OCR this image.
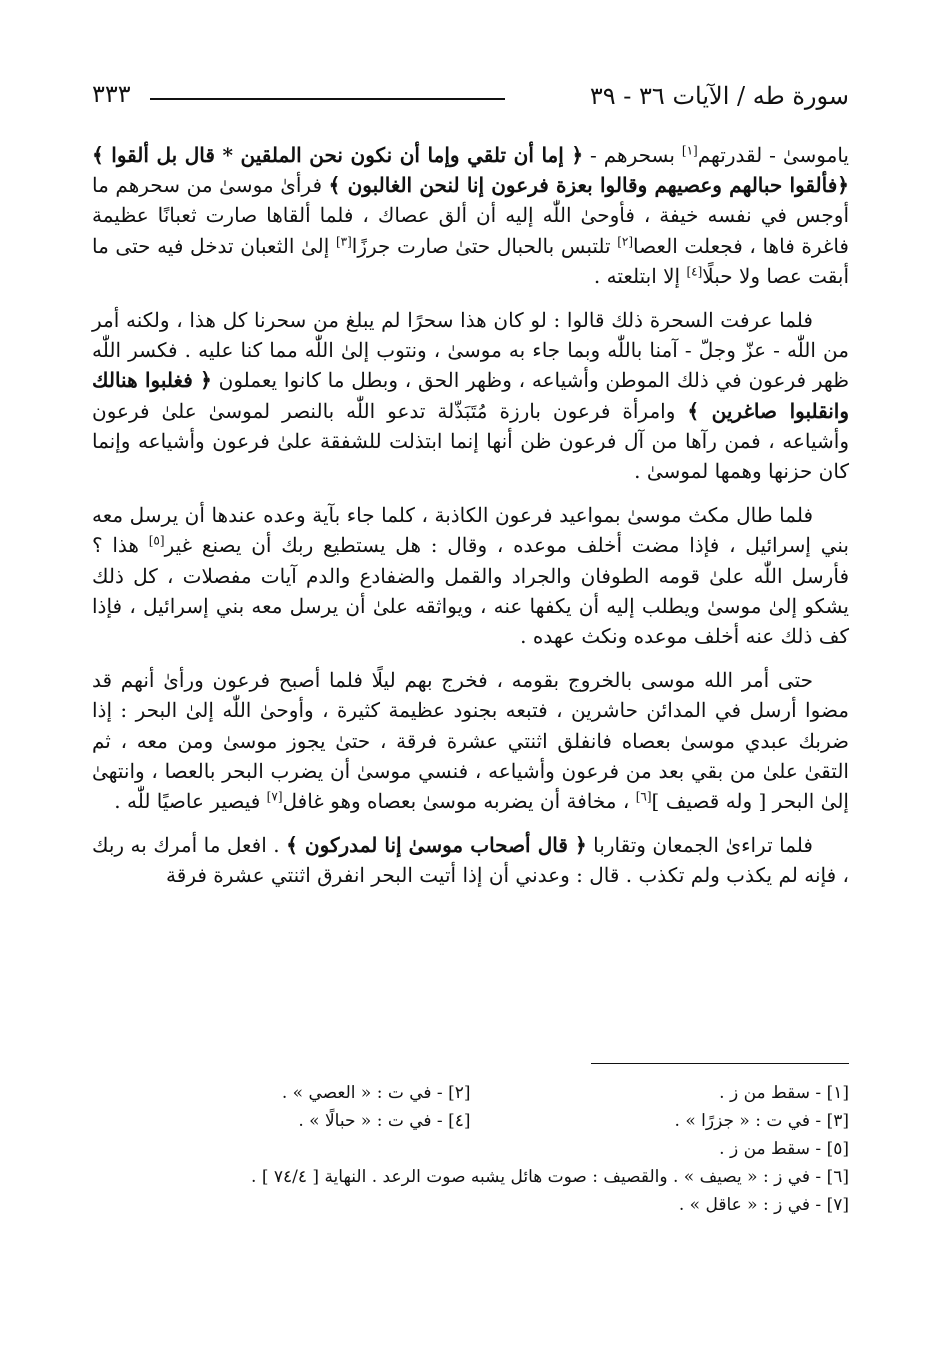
سورة طه / الآيات ٣٦ - ٣٩
٣٣٣

ياموسىٰ - لقدرتهم[١] بسحرهم - ﴿ إما أن تلقي وإما أن نكون نحن الملقين * قال بل ألقوا ﴾ ﴿فألقوا حبالهم وعصيهم وقالوا بعزة فرعون إنا لنحن الغالبون ﴾ فرأىٰ موسىٰ من سحرهم ما أوجس في نفسه خيفة ، فأوحىٰ اللّٰه إليه أن ألق عصاك ، فلما ألقاها صارت ثعبانًا عظيمة فاغرة فاها ، فجعلت العصا[٢] تلتبس بالحبال حتىٰ صارت جرزًا[٣] إلىٰ الثعبان تدخل فيه حتى ما أبقت عصا ولا حبلًا[٤] إلا ابتلعته .

فلما عرفت السحرة ذلك قالوا : لو كان هذا سحرًا لم يبلغ من سحرنا كل هذا ، ولكنه أمر من اللّٰه - عزّ وجلّ - آمنا باللّٰه وبما جاء به موسىٰ ، ونتوب إلىٰ اللّٰه مما كنا عليه . فكسر اللّٰه ظهر فرعون في ذلك الموطن وأشياعه ، وظهر الحق ، وبطل ما كانوا يعملون ﴿ فغلبوا هنالك وانقلبوا صاغرين ﴾ وامرأة فرعون بارزة مُتَبَذّلة تدعو اللّٰه بالنصر لموسىٰ علىٰ فرعون وأشياعه ، فمن رآها من آل فرعون ظن أنها إنما ابتذلت للشفقة علىٰ فرعون وأشياعه وإنما كان حزنها وهمها لموسىٰ .

فلما طال مكث موسىٰ بمواعيد فرعون الكاذبة ، كلما جاء بآية وعده عندها أن يرسل معه بني إسرائيل ، فإذا مضت أخلف موعده ، وقال : هل يستطيع ربك أن يصنع غير[٥] هذا ؟ فأرسل اللّٰه علىٰ قومه الطوفان والجراد والقمل والضفادع والدم آيات مفصلات ، كل ذلك يشكو إلىٰ موسىٰ ويطلب إليه أن يكفها عنه ، ويواثقه علىٰ أن يرسل معه بني إسرائيل ، فإذا كف ذلك عنه أخلف موعده ونكث عهده .

حتى أمر الله موسى بالخروج بقومه ، فخرج بهم ليلًا فلما أصبح فرعون ورأىٰ أنهم قد مضوا أرسل في المدائن حاشرين ، فتبعه بجنود عظيمة كثيرة ، وأوحىٰ اللّٰه إلىٰ البحر : إذا ضربك عبدي موسىٰ بعصاه فانفلق اثنتي عشرة فرقة ، حتىٰ يجوز موسىٰ ومن معه ، ثم التقىٰ علىٰ من بقي بعد من فرعون وأشياعه ، فنسي موسىٰ أن يضرب البحر بالعصا ، وانتهىٰ إلىٰ البحر [ وله قصيف ][٦] ، مخافة أن يضربه موسىٰ بعصاه وهو غافل[٧] فيصير عاصيًا للّٰه .

فلما تراءىٰ الجمعان وتقاربا ﴿ قال أصحاب موسىٰ إنا لمدركون ﴾ . افعل ما أمرك به ربك ، فإنه لم يكذب ولم تكذب . قال : وعدني أن إذا أتيت البحر انفرق اثنتي عشرة فرقة

[١] - سقط من ز .
[٢] - في ت : « العصي » .
[٣] - في ت : « جزرًا » .
[٤] - في ت : « حبالًا » .
[٥] - سقط من ز .
[٦] - في ز : « يصيف » . والقصيف : صوت هائل يشبه صوت الرعد . النهاية [ ٧٤/٤ ] .
[٧] - في ز : « عاقل » .
